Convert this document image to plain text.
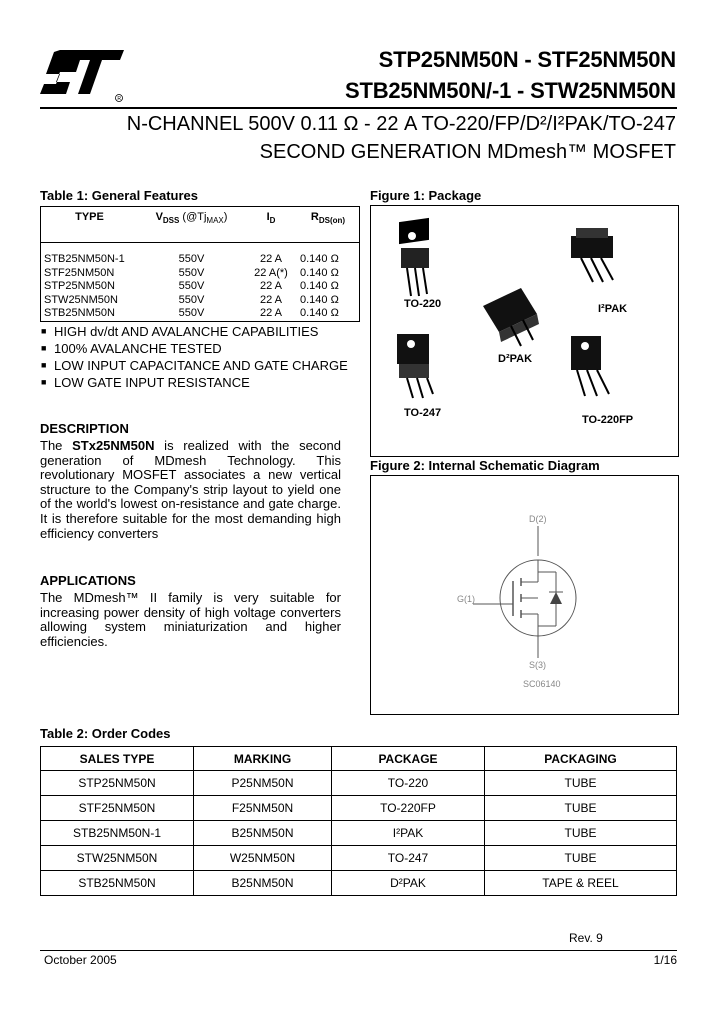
R
STP25NM50N - STF25NM50N
STB25NM50N/-1 - STW25NM50N
N-CHANNEL 500V 0.11 Ω - 22 A TO-220/FP/D²/I²PAK/TO-247
SECOND GENERATION MDmesh™ MOSFET
Table 1: General Features
TYPE	$V_{DSS}$ $(@Tj_{MAX})$	$I_D$	$R_{DS(on)}$
STB25NM50N-1	550V	22 A	0.140 Ω
STF25NM50N	550V	22 A(*)	0.140 Ω
STP25NM50N	550V	22 A	0.140 Ω
STW25NM50N	550V	22 A	0.140 Ω
STB25NM50N	550V	22 A	0.140 Ω
■ HIGH dv/dt AND AVALANCHE CAPABILITIES
■ 100% AVALANCHE TESTED
■ LOW INPUT CAPACITANCE AND GATE CHARGE
■ LOW GATE INPUT RESISTANCE
DESCRIPTION
The STx25NM50N is realized with the second generation of MDmesh Technology. This revolutionary MOSFET associates a new vertical structure to the Company's strip layout to yield one of the world's lowest on-resistance and gate charge. It is therefore suitable for the most demanding high efficiency converters
APPLICATIONS
The MDmesh™ II family is very suitable for increasing power density of high voltage converters allowing system miniaturization and higher efficiencies.
Figure 1: Package
TO-220	I²PAK
D²PAK
TO-247
TO-220FP
Figure 2: Internal Schematic Diagram
D(2)
G(1)
S(3)
SC06140
Table 2: Order Codes
SALES TYPE	MARKING	PACKAGE	PACKAGING
STP25NM50N	P25NM50N	TO-220	TUBE
STF25NM50N	F25NM50N	TO-220FP	TUBE
STB25NM50N-1	B25NM50N	I²PAK	TUBE
STW25NM50N	W25NM50N	TO-247	TUBE
STB25NM50N	B25NM50N	D²PAK	TAPE & REEL
Rev. 9
October 2005	1/16
